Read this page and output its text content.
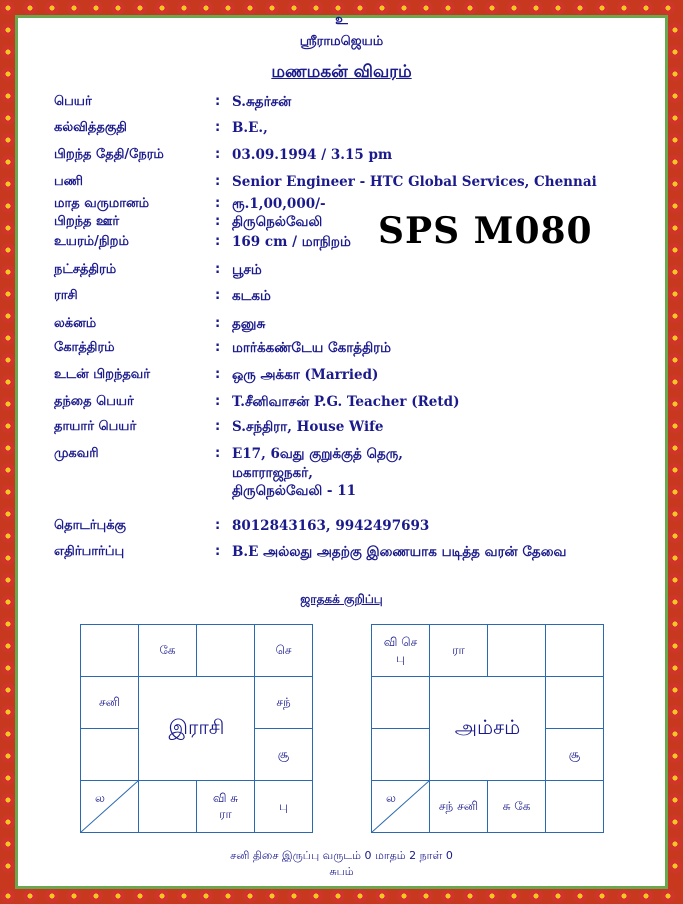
உ
ஸ்ரீராமஜெயம்
மணமகன் விவரம்
SPS M080
பெயர்	: S.சுதர்சன்
கல்வித்தகுதி	: B.E.,
பிறந்த தேதி/நேரம்	: 03.09.1994 / 3.15 pm
பணி	: Senior Engineer - HTC Global Services, Chennai
மாத வருமானம்	: ரூ.1,00,000/-
பிறந்த ஊர்	: திருநெல்வேலி
உயரம்/நிறம்	: 169 cm / மாநிறம்
நட்சத்திரம்	: பூசம்
ராசி	: கடகம்
லக்னம்	: தனுசு
கோத்திரம்	: மார்க்கண்டேய கோத்திரம்
உடன் பிறந்தவர்	: ஒரு அக்கா (Married)
தந்தை பெயர்	: T.சீனிவாசன் P.G. Teacher (Retd)
தாயார் பெயர்	: S.சந்திரா, House Wife
முகவரி	: E17, 6வது குறுக்குத் தெரு,
மகாராஜநகர்,
திருநெல்வேலி - 11
தொடர்புக்கு	: 8012843163, 9942497693
எதிர்பார்ப்பு	: B.E அல்லது அதற்கு இணையாக படித்த வரன் தேவை
ஜாதகக் குறிப்பு
	கே		செ
சனி	இராசி		சந்
			சூ

ல		வி சு ரா	பு
வி செ பு	ரா		
	அம்சம்		
			சூ

ல	சந் சனி	சு கே	
சனி திசை இருப்பு வருடம் 0 மாதம் 2 நாள் 0
சுபம்
